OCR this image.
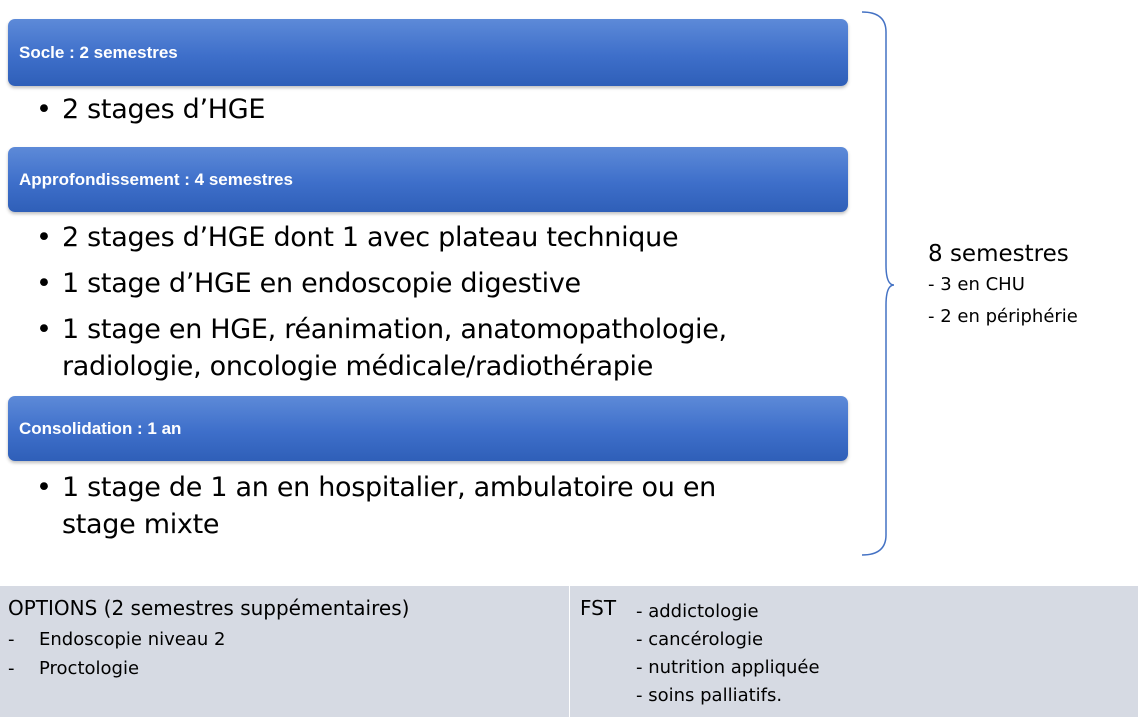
Socle : 2 semestres
• 2 stages d’HGE
Approfondissement : 4 semestres
• 2 stages d’HGE dont 1 avec plateau technique
• 1 stage d’HGE en endoscopie digestive
• 1 stage en HGE, réanimation, anatomopathologie, radiologie, oncologie médicale/radiothérapie
Consolidation : 1 an
• 1 stage de 1 an en hospitalier, ambulatoire ou en stage mixte
8 semestres
- 3 en CHU
- 2 en périphérie
OPTIONS (2 semestres suppémentaires)
- Endoscopie niveau 2
- Proctologie
FST - addictologie
- cancérologie
- nutrition appliquée
- soins palliatifs.
